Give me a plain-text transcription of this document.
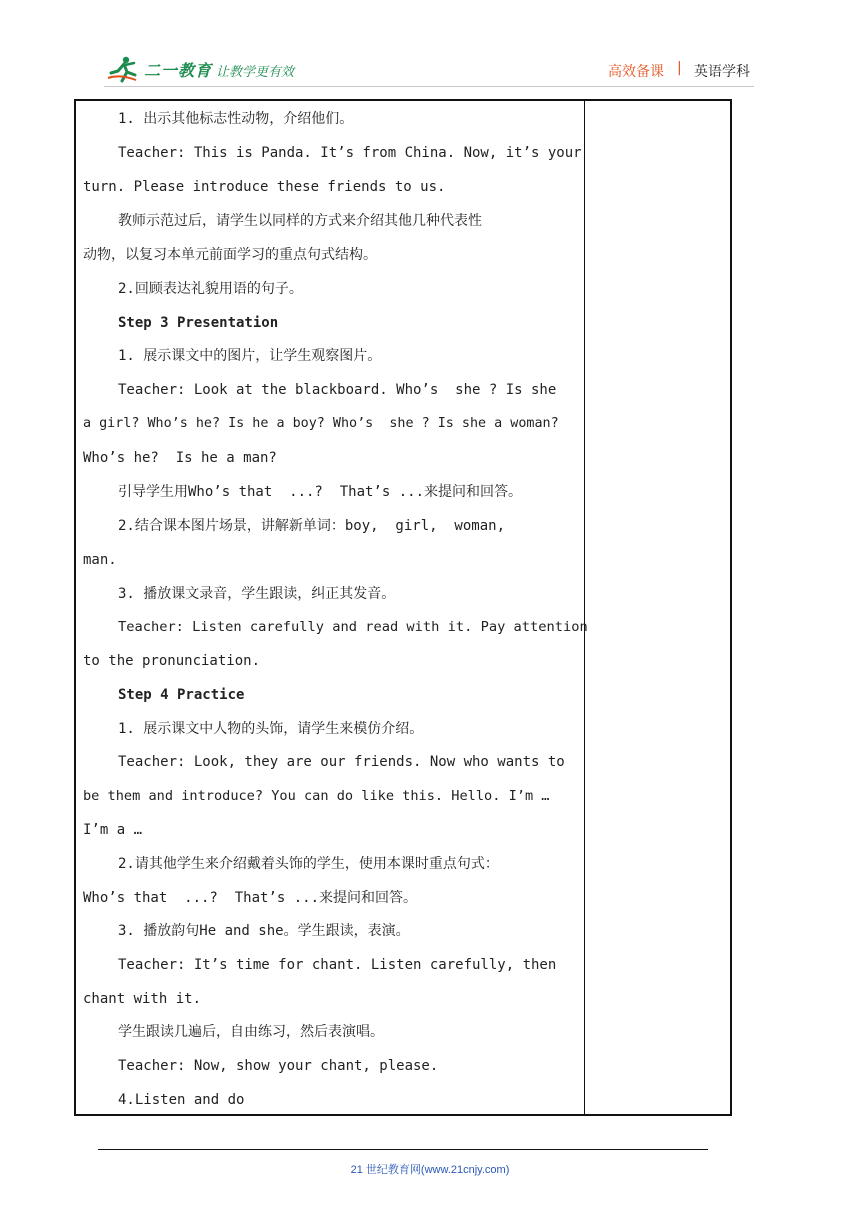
二一教育 让教学更有效	高效备课 | 英语学科
1. 出示其他标志性动物，介绍他们。
Teacher: This is Panda. It’s from China. Now, it’s your
turn. Please introduce these friends to us.
教师示范过后，请学生以同样的方式来介绍其他几种代表性
动物，以复习本单元前面学习的重点句式结构。
2.回顾表达礼貌用语的句子。
Step 3 Presentation
1. 展示课文中的图片，让学生观察图片。
Teacher: Look at the blackboard. Who’s  she ? Is she
a girl? Who’s he? Is he a boy? Who’s  she ? Is she a woman?
Who’s he?  Is he a man?
引导学生用Who’s that  ...?  That’s ...来提问和回答。
2.结合课本图片场景，讲解新单词：boy,  girl,  woman,
man.
3. 播放课文录音，学生跟读，纠正其发音。
Teacher: Listen carefully and read with it. Pay attention
to the pronunciation.
Step 4 Practice
1. 展示课文中人物的头饰，请学生来模仿介绍。
Teacher: Look, they are our friends. Now who wants to
be them and introduce? You can do like this. Hello. I’m …
I’m a …
2.请其他学生来介绍戴着头饰的学生，使用本课时重点句式：
Who’s that  ...?  That’s ...来提问和回答。
3. 播放韵句He and she。学生跟读，表演。
Teacher: It’s time for chant. Listen carefully, then
chant with it.
学生跟读几遍后，自由练习，然后表演唱。
Teacher: Now, show your chant, please.
4.Listen and do
21 世纪教育网(www.21cnjy.com)
